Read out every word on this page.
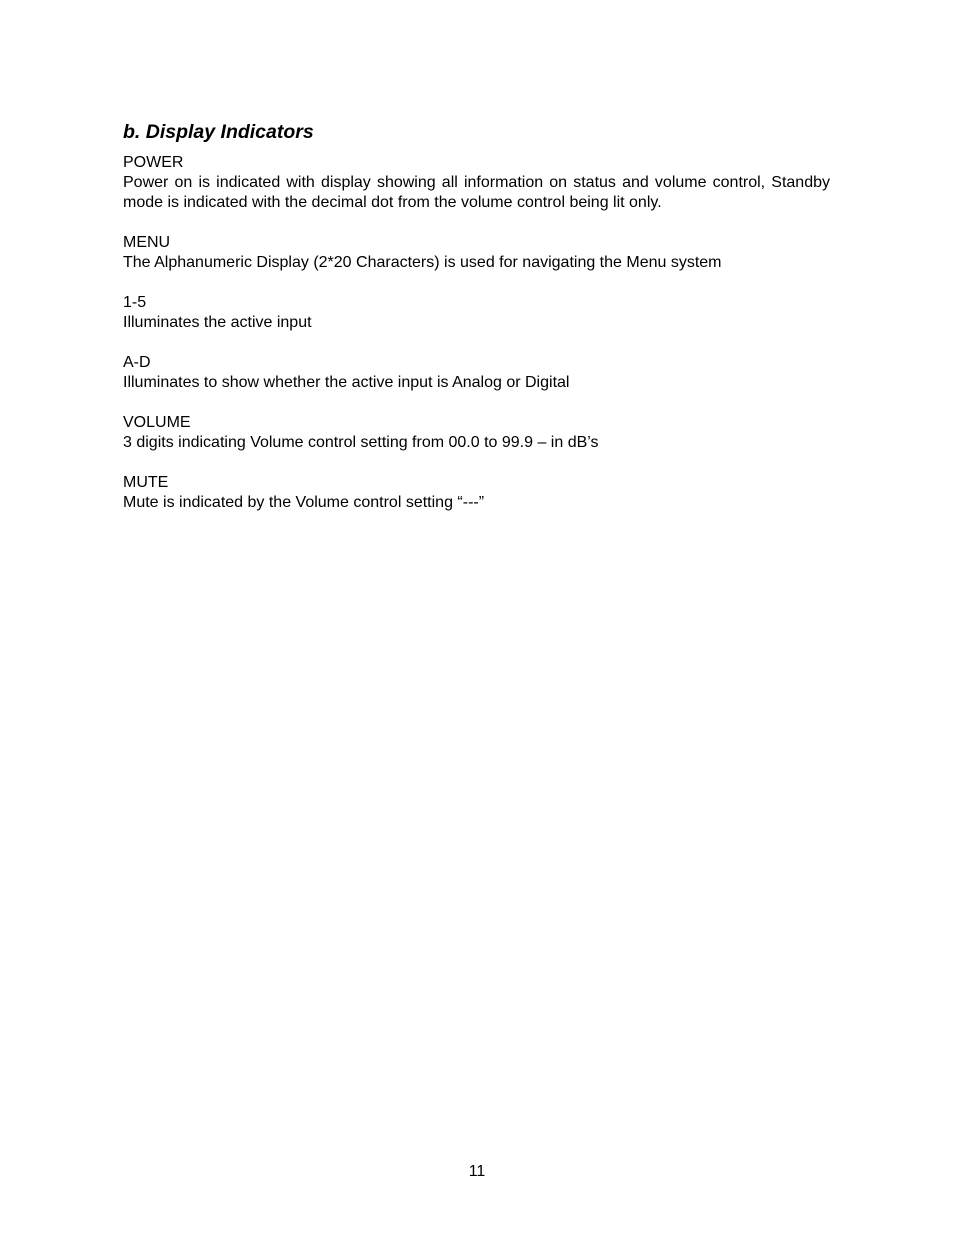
b. Display Indicators

POWER

Power on is indicated with display showing all information on status and volume control, Standby mode is indicated with the decimal dot from the volume control being lit only.

MENU

The Alphanumeric Display (2*20 Characters) is used for navigating the Menu system

1-5

Illuminates the active input

A-D

Illuminates to show whether the active input is Analog or Digital

VOLUME

3 digits indicating Volume control setting from 00.0 to 99.9 – in dB’s

MUTE

Mute is indicated by the Volume control setting “---”

11
